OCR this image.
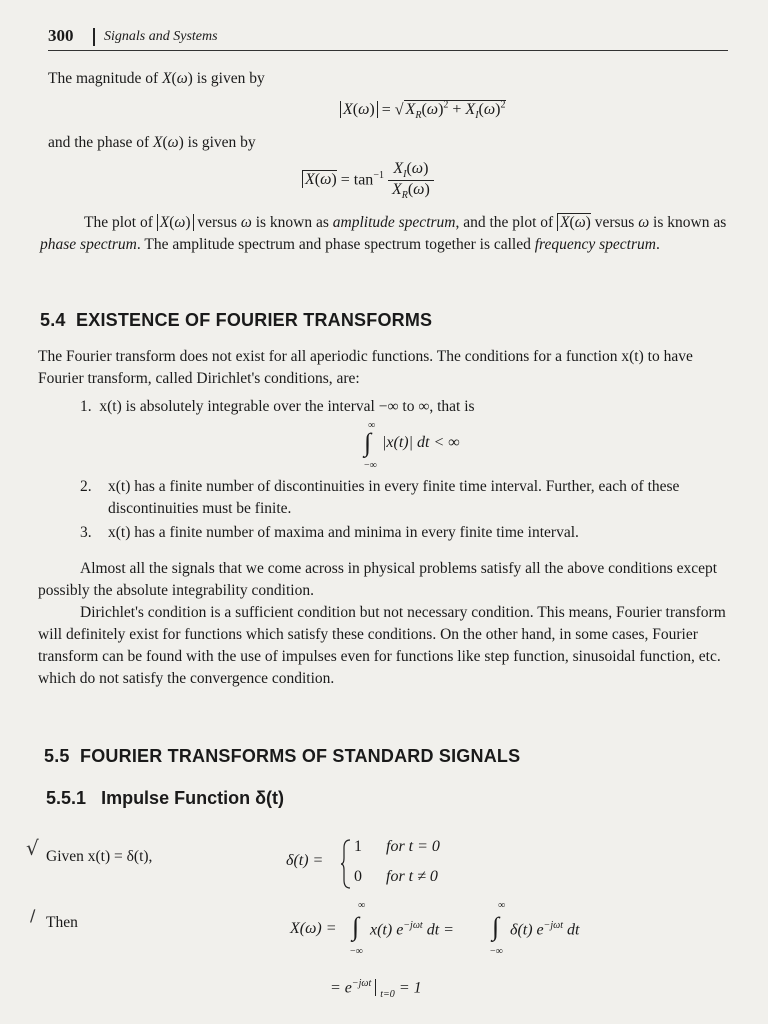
300 Signals and Systems
The magnitude of X(ω) is given by
X(ω) = √ $X_R(\omega)^2 + X_I(\omega)^2$
and the phase of X(ω) is given by
$X(\omega) = \tan^{-1} \frac{X_I(\omega)}{X_R(\omega)}$
The plot of X(ω) versus ω is known as amplitude spectrum, and the plot of X(ω) versus ω is known as phase spectrum. The amplitude spectrum and phase spectrum together is called frequency spectrum.
5.4 EXISTENCE OF FOURIER TRANSFORMS
The Fourier transform does not exist for all aperiodic functions. The conditions for a function x(t) to have Fourier transform, called Dirichlet's conditions, are:
1. x(t) is absolutely integrable over the interval −∞ to ∞, that is
∞
∫
−∞
|x(t)| dt < ∞
2.	x(t) has a finite number of discontinuities in every finite time interval. Further, each of these discontinuities must be finite.
3.	x(t) has a finite number of maxima and minima in every finite time interval.
Almost all the signals that we come across in physical problems satisfy all the above conditions except possibly the absolute integrability condition.
Dirichlet's condition is a sufficient condition but not necessary condition. This means, Fourier transform will definitely exist for functions which satisfy these conditions. On the other hand, in some cases, Fourier transform can be found with the use of impulses even for functions like step function, sinusoidal function, etc. which do not satisfy the convergence condition.
5.5 FOURIER TRANSFORMS OF STANDARD SIGNALS
5.5.1 Impulse Function δ(t)
√ Given x(t) = δ(t),	δ(t) =
1 for t = 0
0 for t ≠ 0
∕ Then	X(ω) =
∞
∫
−∞
x(t) $e^{-j\omega t}$ dt =
∞
∫
−∞
δ(t) $e^{-j\omega t}$ dt
= $e^{-j\omega t}$  $_{t=0}$ = 1
